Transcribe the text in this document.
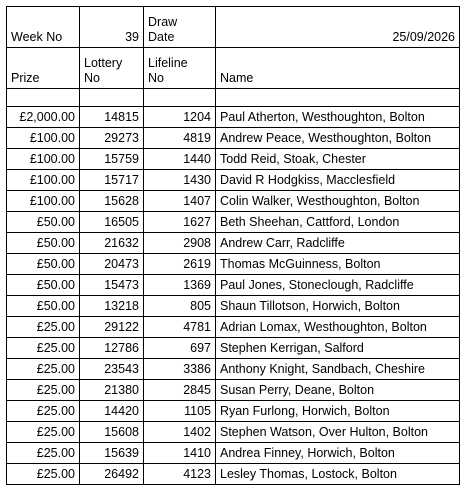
Week No	39	Draw Date	25/09/2026
Prize	Lottery No	Lifeline No	Name

£2,000.00	14815	1204	Paul Atherton, Westhoughton, Bolton
£100.00	29273	4819	Andrew Peace, Westhoughton, Bolton
£100.00	15759	1440	Todd Reid, Stoak, Chester
£100.00	15717	1430	David R Hodgkiss, Macclesfield
£100.00	15628	1407	Colin Walker, Westhoughton, Bolton
£50.00	16505	1627	Beth Sheehan, Cattford, London
£50.00	21632	2908	Andrew Carr, Radcliffe
£50.00	20473	2619	Thomas McGuinness, Bolton
£50.00	15473	1369	Paul Jones, Stoneclough, Radcliffe
£50.00	13218	805	Shaun Tillotson, Horwich, Bolton
£25.00	29122	4781	Adrian Lomax, Westhoughton, Bolton
£25.00	12786	697	Stephen Kerrigan, Salford
£25.00	23543	3386	Anthony Knight, Sandbach, Cheshire
£25.00	21380	2845	Susan Perry, Deane, Bolton
£25.00	14420	1105	Ryan Furlong, Horwich, Bolton
£25.00	15608	1402	Stephen Watson, Over Hulton, Bolton
£25.00	15639	1410	Andrea Finney, Horwich, Bolton
£25.00	26492	4123	Lesley Thomas, Lostock, Bolton
